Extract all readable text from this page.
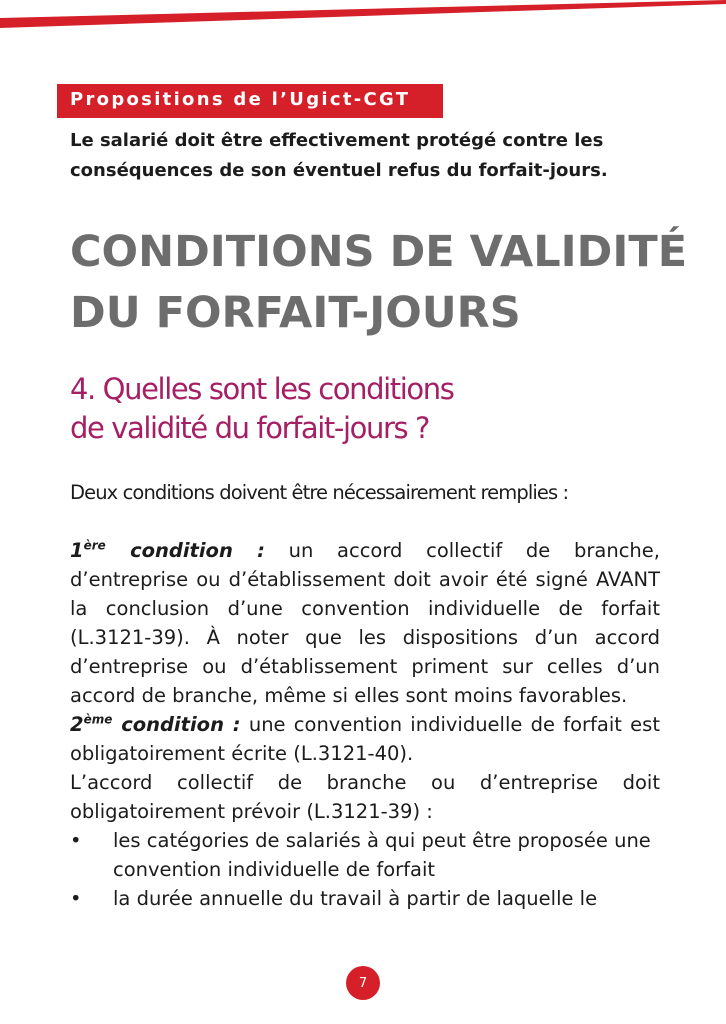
Propositions de l’Ugict-CGT
Le salarié doit être effectivement protégé contre les conséquences de son éventuel refus du forfait-jours.
CONDITIONS DE VALIDITÉ
DU FORFAIT-JOURS
4. Quelles sont les conditions
de validité du forfait-jours ?

Deux conditions doivent être nécessairement remplies :

1ère condition : un accord collectif de branche, d’entreprise ou d’établissement doit avoir été signé AVANT la conclusion d’une convention individuelle de forfait (L.3121-39). À noter que les dispositions d’un accord d’entreprise ou d’établissement priment sur celles d’un accord de branche, même si elles sont moins favorables.

2ème condition : une convention individuelle de forfait est obligatoirement écrite (L.3121-40).

L’accord collectif de branche ou d’entreprise doit obligatoirement prévoir (L.3121-39) :

• les catégories de salariés à qui peut être proposée une convention individuelle de forfait
• la durée annuelle du travail à partir de laquelle le
7
